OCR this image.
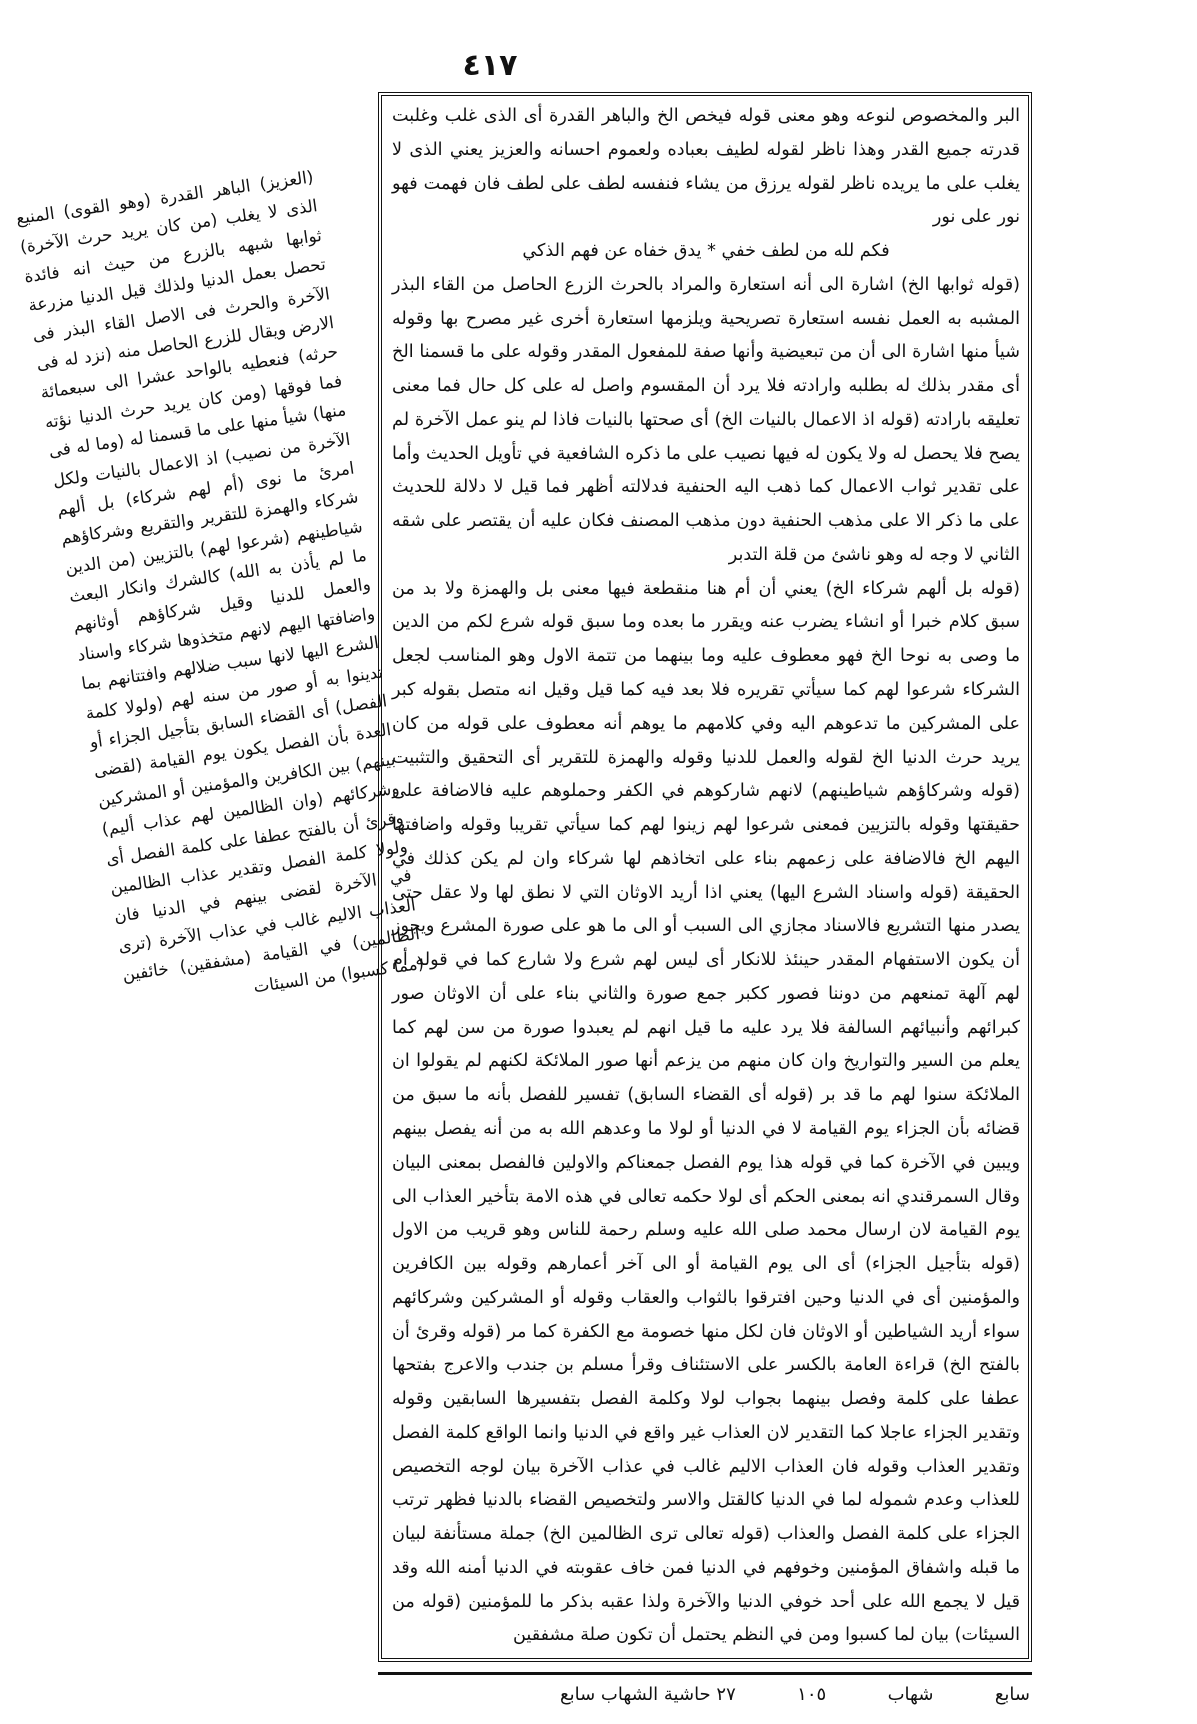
٤١٧

البر والمخصوص لنوعه وهو معنى قوله فيخص الخ والباهر القدرة أى الذى غلب وغلبت قدرته جميع القدر وهذا ناظر لقوله لطيف بعباده ولعموم احسانه والعزيز يعني الذى لا يغلب على ما يريده ناظر لقوله يرزق من يشاء فنفسه لطف على لطف فان فهمت فهو نور على نور

فكم لله من لطف خفي * يدق خفاه عن فهم الذكي

(قوله ثوابها الخ) اشارة الى أنه استعارة والمراد بالحرث الزرع الحاصل من القاء البذر المشبه به العمل نفسه استعارة تصريحية ويلزمها استعارة أخرى غير مصرح بها وقوله شيأ منها اشارة الى أن من تبعيضية وأنها صفة للمفعول المقدر وقوله على ما قسمنا الخ أى مقدر بذلك له بطلبه وارادته فلا يرد أن المقسوم واصل له على كل حال فما معنى تعليقه بارادته (قوله اذ الاعمال بالنيات الخ) أى صحتها بالنيات فاذا لم ينو عمل الآخرة لم يصح فلا يحصل له ولا يكون له فيها نصيب على ما ذكره الشافعية في تأويل الحديث وأما على تقدير ثواب الاعمال كما ذهب اليه الحنفية فدلالته أظهر فما قيل لا دلالة للحديث على ما ذكر الا على مذهب الحنفية دون مذهب المصنف فكان عليه أن يقتصر على شقه الثاني لا وجه له وهو ناشئ من قلة التدبر

(قوله بل ألهم شركاء الخ) يعني أن أم هنا منقطعة فيها معنى بل والهمزة ولا بد من سبق كلام خبرا أو انشاء يضرب عنه ويقرر ما بعده وما سبق قوله شرع لكم من الدين ما وصى به نوحا الخ فهو معطوف عليه وما بينهما من تتمة الاول وهو المناسب لجعل الشركاء شرعوا لهم كما سيأتي تقريره فلا بعد فيه كما قيل وقيل انه متصل بقوله كبر على المشركين ما تدعوهم اليه وفي كلامهم ما يوهم أنه معطوف على قوله من كان يريد حرث الدنيا الخ لقوله والعمل للدنيا وقوله والهمزة للتقرير أى التحقيق والتثبيت (قوله وشركاؤهم شياطينهم) لانهم شاركوهم في الكفر وحملوهم عليه فالاضافة على حقيقتها وقوله بالتزيين فمعنى شرعوا لهم زينوا لهم كما سيأتي تقريبا وقوله واضافتها اليهم الخ فالاضافة على زعمهم بناء على اتخاذهم لها شركاء وان لم يكن كذلك في الحقيقة (قوله واسناد الشرع اليها) يعني اذا أريد الاوثان التي لا نطق لها ولا عقل حتى يصدر منها التشريع فالاسناد مجازي الى السبب أو الى ما هو على صورة المشرع ويجوز أن يكون الاستفهام المقدر حينئذ للانكار أى ليس لهم شرع ولا شارع كما في قوله أم لهم آلهة تمنعهم من دوننا فصور ككبر جمع صورة والثاني بناء على أن الاوثان صور كبرائهم وأنبيائهم السالفة فلا يرد عليه ما قيل انهم لم يعبدوا صورة من سن لهم كما يعلم من السير والتواريخ وان كان منهم من يزعم أنها صور الملائكة لكنهم لم يقولوا ان الملائكة سنوا لهم ما قد بر (قوله أى القضاء السابق) تفسير للفصل بأنه ما سبق من قضائه بأن الجزاء يوم القيامة لا في الدنيا أو لولا ما وعدهم الله به من أنه يفصل بينهم ويبين في الآخرة كما في قوله هذا يوم الفصل جمعناكم والاولين فالفصل بمعنى البيان وقال السمرقندي انه بمعنى الحكم أى لولا حكمه تعالى في هذه الامة بتأخير العذاب الى يوم القيامة لان ارسال محمد صلى الله عليه وسلم رحمة للناس وهو قريب من الاول (قوله بتأجيل الجزاء) أى الى يوم القيامة أو الى آخر أعمارهم وقوله بين الكافرين والمؤمنين أى في الدنيا وحين افترقوا بالثواب والعقاب وقوله أو المشركين وشركائهم سواء أريد الشياطين أو الاوثان فان لكل منها خصومة مع الكفرة كما مر (قوله وقرئ أن بالفتح الخ) قراءة العامة بالكسر على الاستئناف وقرأ مسلم بن جندب والاعرج بفتحها عطفا على كلمة وفصل بينهما بجواب لولا وكلمة الفصل بتفسيرها السابقين وقوله وتقدير الجزاء عاجلا كما التقدير لان العذاب غير واقع في الدنيا وانما الواقع كلمة الفصل وتقدير العذاب وقوله فان العذاب الاليم غالب في عذاب الآخرة بيان لوجه التخصيص للعذاب وعدم شموله لما في الدنيا كالقتل والاسر ولتخصيص القضاء بالدنيا فظهر ترتب الجزاء على كلمة الفصل والعذاب (قوله تعالى ترى الظالمين الخ) جملة مستأنفة لبيان ما قبله واشفاق المؤمنين وخوفهم في الدنيا فمن خاف عقوبته في الدنيا أمنه الله وقد قيل لا يجمع الله على أحد خوفي الدنيا والآخرة ولذا عقبه بذكر ما للمؤمنين (قوله من السيئات) بيان لما كسبوا ومن في النظم يحتمل أن تكون صلة مشفقين

سابع
شهاب
١٠٥
٢٧ حاشية الشهاب سابع

(العزيز) الباهر القدرة (وهو القوى) المنيع الذى لا يغلب (من كان يريد حرث الآخرة) ثوابها شبهه بالزرع من حيث انه فائدة تحصل بعمل الدنيا ولذلك قيل الدنيا مزرعة الآخرة والحرث فى الاصل القاء البذر فى الارض ويقال للزرع الحاصل منه (نزد له فى حرثه) فنعطيه بالواحد عشرا الى سبعمائة فما فوقها (ومن كان يريد حرث الدنيا نؤته منها) شيأ منها على ما قسمنا له (وما له فى الآخرة من نصيب) اذ الاعمال بالنيات ولكل امرئ ما نوى (أم لهم شركاء) بل ألهم شركاء والهمزة للتقرير والتقريع وشركاؤهم شياطينهم (شرعوا لهم) بالتزيين (من الدين ما لم يأذن به الله) كالشرك وانكار البعث والعمل للدنيا وقيل شركاؤهم أوثانهم واضافتها اليهم لانهم متخذوها شركاء واسناد الشرع اليها لانها سبب ضلالهم وافتتانهم بما تدينوا به أو صور من سنه لهم (ولولا كلمة الفصل) أى القضاء السابق بتأجيل الجزاء أو العدة بأن الفصل يكون يوم القيامة (لقضى بينهم) بين الكافرين والمؤمنين أو المشركين وشركائهم (وان الظالمين لهم عذاب أليم) وقرئ أن بالفتح عطفا على كلمة الفصل أى ولولا كلمة الفصل وتقدير عذاب الظالمين في الآخرة لقضى بينهم في الدنيا فان العذاب الاليم غالب في عذاب الآخرة (ترى الظالمين) في القيامة (مشفقين) خائفين (مما كسبوا) من السيئات
